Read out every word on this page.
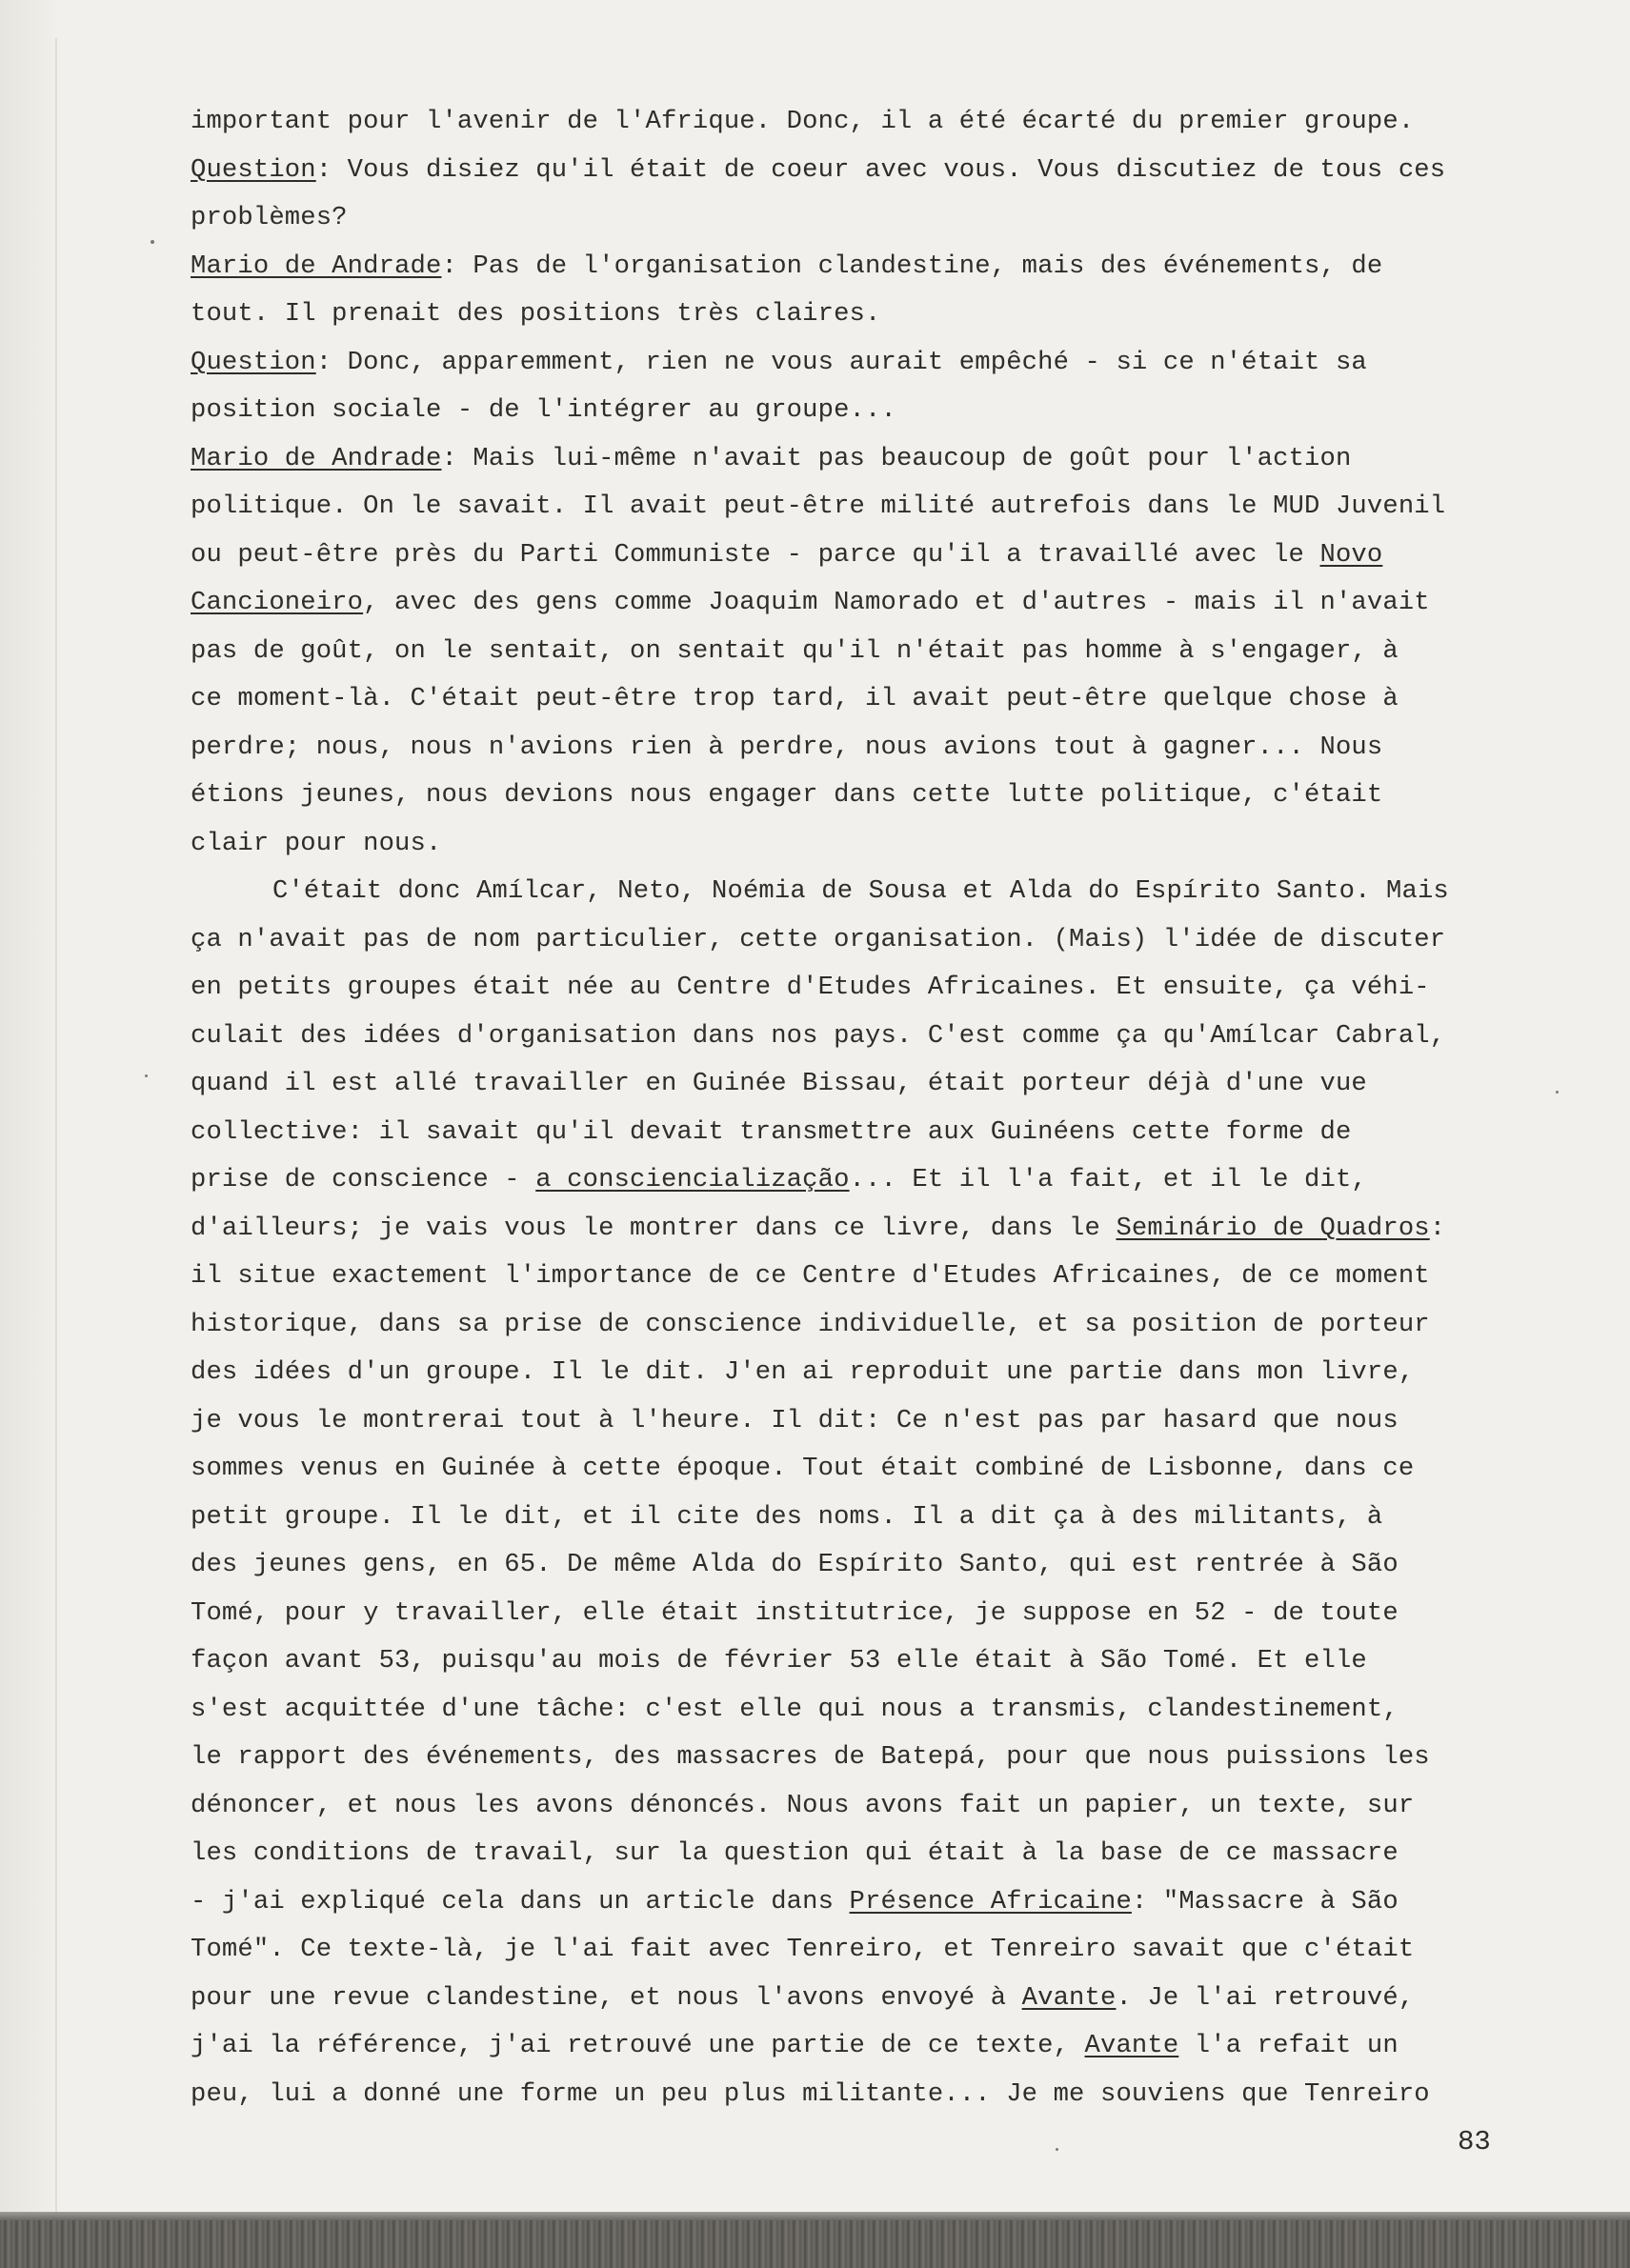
important pour l'avenir de l'Afrique. Donc, il a été écarté du premier groupe.
Question: Vous disiez qu'il était de coeur avec vous. Vous discutiez de tous ces
problèmes?
Mario de Andrade: Pas de l'organisation clandestine, mais des événements, de
tout. Il prenait des positions très claires.
Question: Donc, apparemment, rien ne vous aurait empêché - si ce n'était sa
position sociale - de l'intégrer au groupe...
Mario de Andrade: Mais lui-même n'avait pas beaucoup de goût pour l'action
politique. On le savait. Il avait peut-être milité autrefois dans le MUD Juvenil
ou peut-être près du Parti Communiste - parce qu'il a travaillé avec le Novo
Cancioneiro, avec des gens comme Joaquim Namorado et d'autres - mais il n'avait
pas de goût, on le sentait, on sentait qu'il n'était pas homme à s'engager, à
ce moment-là. C'était peut-être trop tard, il avait peut-être quelque chose à
perdre; nous, nous n'avions rien à perdre, nous avions tout à gagner... Nous
étions jeunes, nous devions nous engager dans cette lutte politique, c'était
clair pour nous.
C'était donc Amílcar, Neto, Noémia de Sousa et Alda do Espírito Santo. Mais
ça n'avait pas de nom particulier, cette organisation. (Mais) l'idée de discuter
en petits groupes était née au Centre d'Etudes Africaines. Et ensuite, ça véhi-
culait des idées d'organisation dans nos pays. C'est comme ça qu'Amílcar Cabral,
quand il est allé travailler en Guinée Bissau, était porteur déjà d'une vue
collective: il savait qu'il devait transmettre aux Guinéens cette forme de
prise de conscience - a consciencialização... Et il l'a fait, et il le dit,
d'ailleurs; je vais vous le montrer dans ce livre, dans le Seminário de Quadros:
il situe exactement l'importance de ce Centre d'Etudes Africaines, de ce moment
historique, dans sa prise de conscience individuelle, et sa position de porteur
des idées d'un groupe. Il le dit. J'en ai reproduit une partie dans mon livre,
je vous le montrerai tout à l'heure. Il dit: Ce n'est pas par hasard que nous
sommes venus en Guinée à cette époque. Tout était combiné de Lisbonne, dans ce
petit groupe. Il le dit, et il cite des noms. Il a dit ça à des militants, à
des jeunes gens, en 65. De même Alda do Espírito Santo, qui est rentrée à São
Tomé, pour y travailler, elle était institutrice, je suppose en 52 - de toute
façon avant 53, puisqu'au mois de février 53 elle était à São Tomé. Et elle
s'est acquittée d'une tâche: c'est elle qui nous a transmis, clandestinement,
le rapport des événements, des massacres de Batepá, pour que nous puissions les
dénoncer, et nous les avons dénoncés. Nous avons fait un papier, un texte, sur
les conditions de travail, sur la question qui était à la base de ce massacre
- j'ai expliqué cela dans un article dans Présence Africaine: "Massacre à São
Tomé". Ce texte-là, je l'ai fait avec Tenreiro, et Tenreiro savait que c'était
pour une revue clandestine, et nous l'avons envoyé à Avante. Je l'ai retrouvé,
j'ai la référence, j'ai retrouvé une partie de ce texte, Avante l'a refait un
peu, lui a donné une forme un peu plus militante... Je me souviens que Tenreiro
83
